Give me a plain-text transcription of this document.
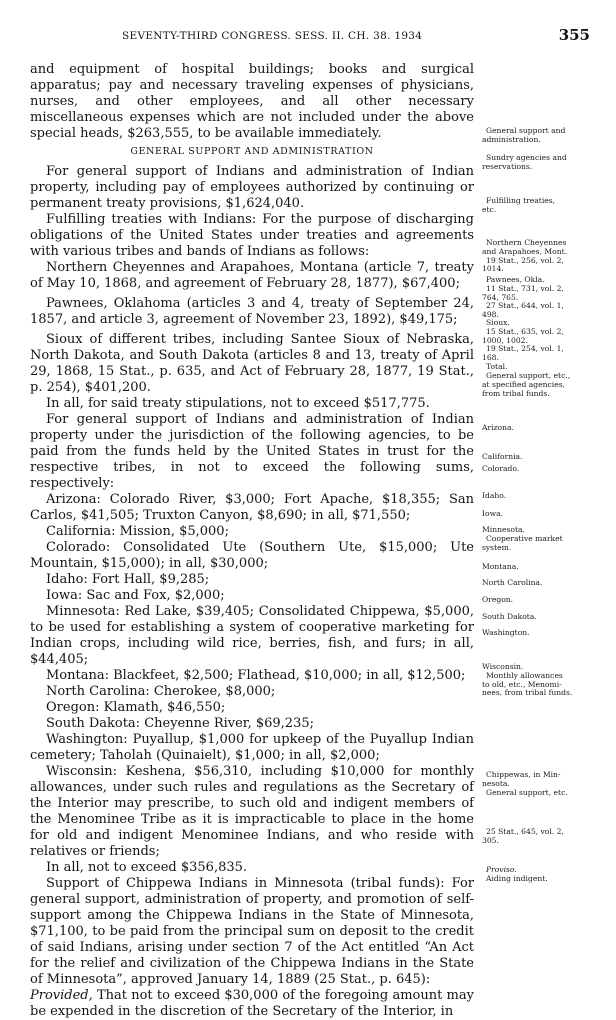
SEVENTY-THIRD CONGRESS. SESS. II. CH. 38. 1934	355

and equipment of hospital buildings; books and surgical apparatus; pay and necessary traveling expenses of physicians, nurses, and other employees, and all other necessary miscellaneous expenses which are not included under the above special heads, $263,555, to be available immediately.

GENERAL SUPPORT AND ADMINISTRATION

For general support of Indians and administration of Indian property, including pay of employees authorized by continuing or permanent treaty provisions, $1,624,040.

Fulfilling treaties with Indians: For the purpose of discharging obligations of the United States under treaties and agreements with various tribes and bands of Indians as follows:

Northern Cheyennes and Arapahoes, Montana (article 7, treaty of May 10, 1868, and agreement of February 28, 1877), $67,400;

Pawnees, Oklahoma (articles 3 and 4, treaty of September 24, 1857, and article 3, agreement of November 23, 1892), $49,175;

Sioux of different tribes, including Santee Sioux of Nebraska, North Dakota, and South Dakota (articles 8 and 13, treaty of April 29, 1868, 15 Stat., p. 635, and Act of February 28, 1877, 19 Stat., p. 254), $401,200.

In all, for said treaty stipulations, not to exceed $517,775.

For general support of Indians and administration of Indian property under the jurisdiction of the following agencies, to be paid from the funds held by the United States in trust for the respective tribes, in not to exceed the following sums, respectively:

Arizona: Colorado River, $3,000; Fort Apache, $18,355; San Carlos, $41,505; Truxton Canyon, $8,690; in all, $71,550;

California: Mission, $5,000;

Colorado: Consolidated Ute (Southern Ute, $15,000; Ute Mountain, $15,000); in all, $30,000;

Idaho: Fort Hall, $9,285;

Iowa: Sac and Fox, $2,000;

Minnesota: Red Lake, $39,405; Consolidated Chippewa, $5,000, to be used for establishing a system of cooperative marketing for Indian crops, including wild rice, berries, fish, and furs; in all, $44,405;

Montana: Blackfeet, $2,500; Flathead, $10,000; in all, $12,500;

North Carolina: Cherokee, $8,000;

Oregon: Klamath, $46,550;

South Dakota: Cheyenne River, $69,235;

Washington: Puyallup, $1,000 for upkeep of the Puyallup Indian cemetery; Taholah (Quinaielt), $1,000; in all, $2,000;

Wisconsin: Keshena, $56,310, including $10,000 for monthly allowances, under such rules and regulations as the Secretary of the Interior may prescribe, to such old and indigent members of the Menominee Tribe as it is impracticable to place in the home for old and indigent Menominee Indians, and who reside with relatives or friends;

In all, not to exceed $356,835.

Support of Chippewa Indians in Minnesota (tribal funds): For general support, administration of property, and promotion of self-support among the Chippewa Indians in the State of Minnesota, $71,100, to be paid from the principal sum on deposit to the credit of said Indians, arising under section 7 of the Act entitled “An Act for the relief and civilization of the Chippewa Indians in the State of Minnesota”, approved January 14, 1889 (25 Stat., p. 645):

Provided, That not to exceed $30,000 of the foregoing amount may be expended in the discretion of the Secretary of the Interior, in

General support and
administration.
Sundry agencies and
reservations.
Fulfilling treaties,
etc.
Northern Cheyennes
and Arapahoes, Mont.
19 Stat., 256, vol. 2,
1014.
Pawnees, Okla.
11 Stat., 731, vol. 2,
764, 765.
27 Stat., 644, vol. 1,
498.
Sioux.
15 Stat., 635, vol. 2,
1000, 1002.
19 Stat., 254, vol. 1,
168.
Total.
General support, etc.,
at specified agencies,
from tribal funds.
Arizona.
California.
Colorado.
Idaho.
Iowa.
Minnesota.
Cooperative market
system.
Montana.
North Carolina.
Oregon.
South Dakota.
Washington.
Wisconsin.
Monthly allowances
to old, etc., Menomi-
nees, from tribal funds.
Chippewas, in Min-
nesota.
General support, etc.
25 Stat., 645, vol. 2,
305.
Proviso.
Aiding indigent.
